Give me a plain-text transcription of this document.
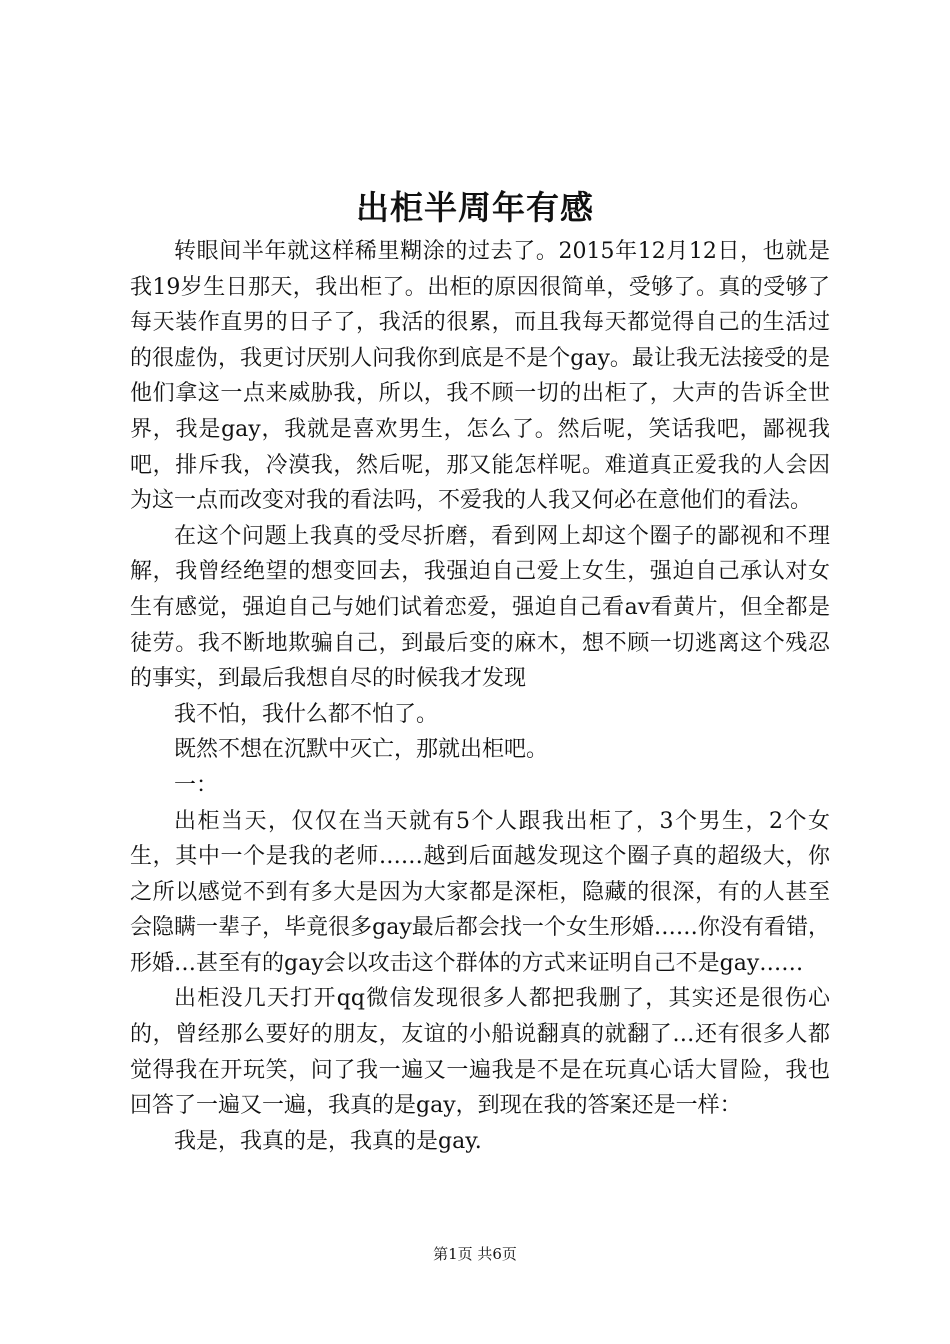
出柜半周年有感

转眼间半年就这样稀里糊涂的过去了。2015年12月12日，也就是我19岁生日那天，我出柜了。出柜的原因很简单，受够了。真的受够了每天装作直男的日子了，我活的很累，而且我每天都觉得自己的生活过的很虚伪，我更讨厌别人问我你到底是不是个gay。最让我无法接受的是他们拿这一点来威胁我，所以，我不顾一切的出柜了，大声的告诉全世界，我是gay，我就是喜欢男生，怎么了。然后呢，笑话我吧，鄙视我吧，排斥我，冷漠我，然后呢，那又能怎样呢。难道真正爱我的人会因为这一点而改变对我的看法吗，不爱我的人我又何必在意他们的看法。

在这个问题上我真的受尽折磨，看到网上却这个圈子的鄙视和不理解，我曾经绝望的想变回去，我强迫自己爱上女生，强迫自己承认对女生有感觉，强迫自己与她们试着恋爱，强迫自己看av看黄片，但全都是徒劳。我不断地欺骗自己，到最后变的麻木，想不顾一切逃离这个残忍的事实，到最后我想自尽的时候我才发现

我不怕，我什么都不怕了。

既然不想在沉默中灭亡，那就出柜吧。

一：

出柜当天，仅仅在当天就有5个人跟我出柜了，3个男生，2个女生，其中一个是我的老师……越到后面越发现这个圈子真的超级大，你之所以感觉不到有多大是因为大家都是深柜，隐藏的很深，有的人甚至会隐瞒一辈子，毕竟很多gay最后都会找一个女生形婚……你没有看错，形婚…甚至有的gay会以攻击这个群体的方式来证明自己不是gay……

出柜没几天打开qq微信发现很多人都把我删了，其实还是很伤心的，曾经那么要好的朋友，友谊的小船说翻真的就翻了…还有很多人都觉得我在开玩笑，问了我一遍又一遍我是不是在玩真心话大冒险，我也回答了一遍又一遍，我真的是gay，到现在我的答案还是一样：

我是，我真的是，我真的是gay.

第1页 共6页
